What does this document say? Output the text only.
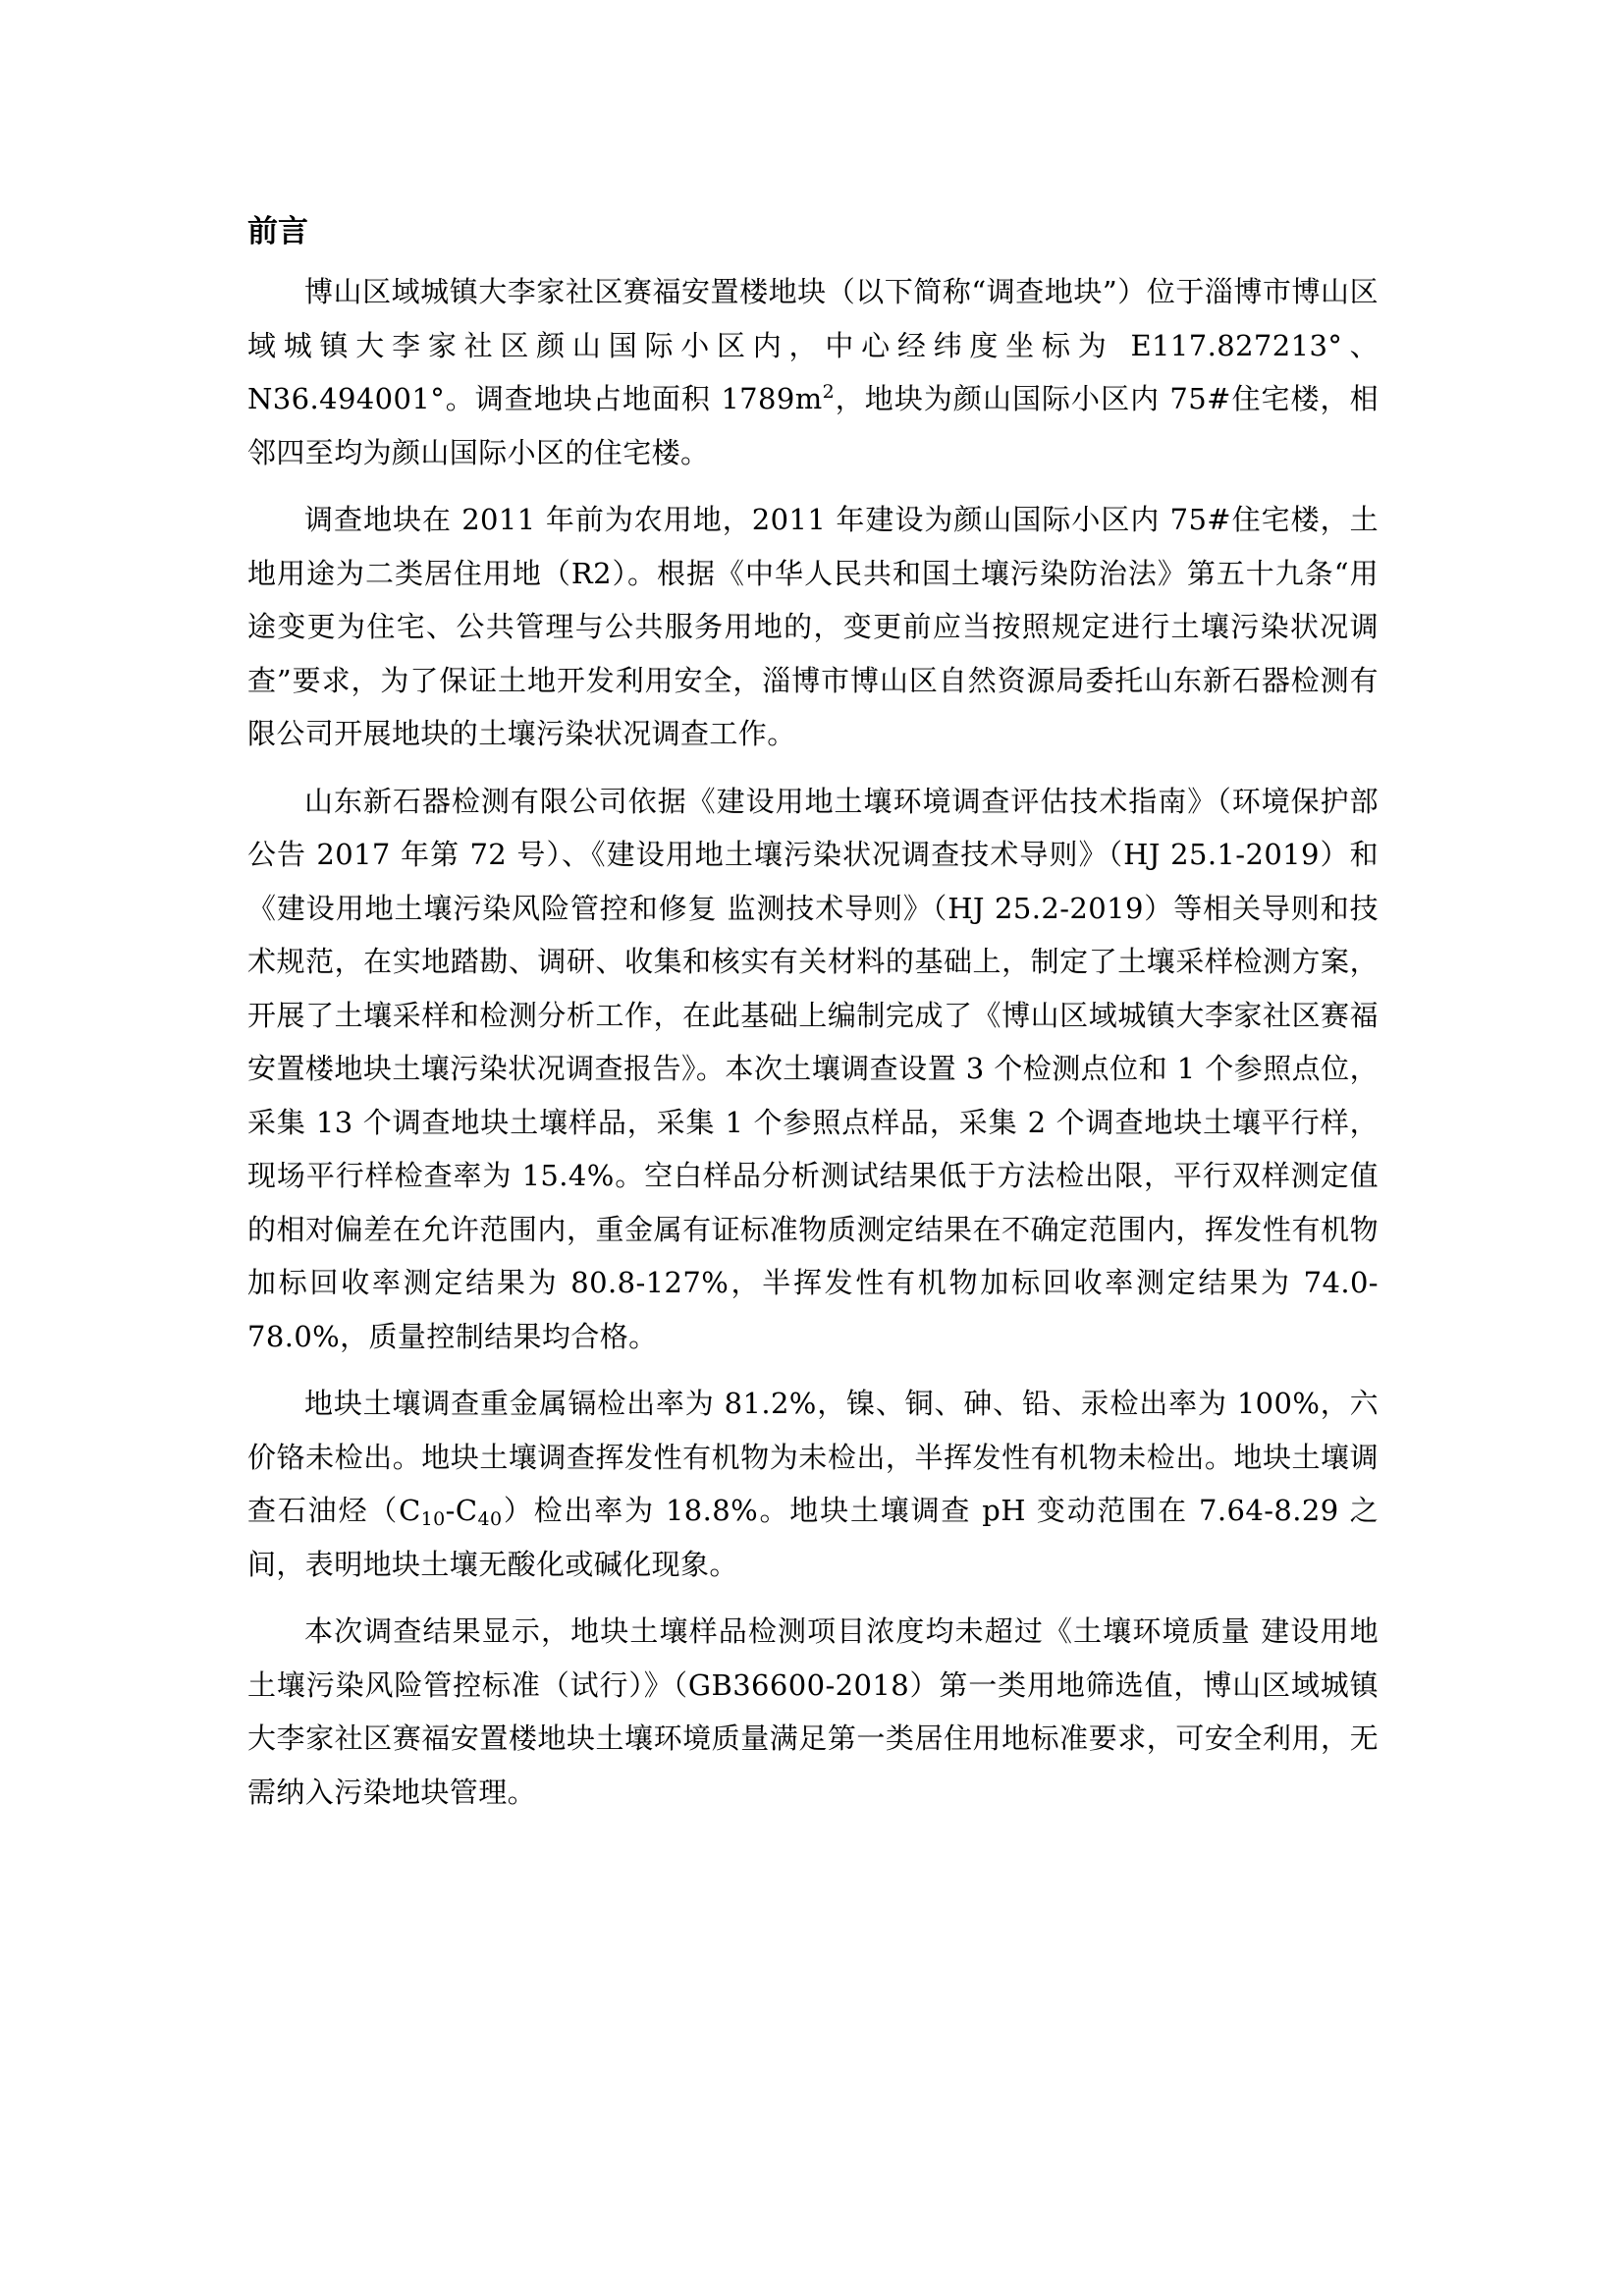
前言

博山区域城镇大李家社区赛福安置楼地块（以下简称“调查地块”）位于淄博市博山区域城镇大李家社区颜山国际小区内，中心经纬度坐标为 E117.827213°、N36.494001°。调查地块占地面积 $1789m^2$，地块为颜山国际小区内 75#住宅楼，相邻四至均为颜山国际小区的住宅楼。

调查地块在 2011 年前为农用地，2011 年建设为颜山国际小区内 75#住宅楼，土地用途为二类居住用地（R2）。根据《中华人民共和国土壤污染防治法》第五十九条“用途变更为住宅、公共管理与公共服务用地的，变更前应当按照规定进行土壤污染状况调查”要求，为了保证土地开发利用安全，淄博市博山区自然资源局委托山东新石器检测有限公司开展地块的土壤污染状况调查工作。

山东新石器检测有限公司依据《建设用地土壤环境调查评估技术指南》（环境保护部公告 2017 年第 72 号）、《建设用地土壤污染状况调查技术导则》（HJ 25.1-2019）和《建设用地土壤污染风险管控和修复 监测技术导则》（HJ 25.2-2019）等相关导则和技术规范，在实地踏勘、调研、收集和核实有关材料的基础上，制定了土壤采样检测方案，开展了土壤采样和检测分析工作，在此基础上编制完成了《博山区域城镇大李家社区赛福安置楼地块土壤污染状况调查报告》。本次土壤调查设置 3 个检测点位和 1 个参照点位，采集 13 个调查地块土壤样品，采集 1 个参照点样品，采集 2 个调查地块土壤平行样，现场平行样检查率为 15.4%。空白样品分析测试结果低于方法检出限，平行双样测定值的相对偏差在允许范围内，重金属有证标准物质测定结果在不确定范围内，挥发性有机物加标回收率测定结果为 80.8-127%，半挥发性有机物加标回收率测定结果为 74.0-78.0%，质量控制结果均合格。

地块土壤调查重金属镉检出率为 81.2%，镍、铜、砷、铅、汞检出率为 100%，六价铬未检出。地块土壤调查挥发性有机物为未检出，半挥发性有机物未检出。地块土壤调查石油烃$(C_{10}-C_{40})$检出率为 18.8%。地块土壤调查 pH 变动范围在 7.64-8.29 之间，表明地块土壤无酸化或碱化现象。

本次调查结果显示，地块土壤样品检测项目浓度均未超过《土壤环境质量 建设用地土壤污染风险管控标准（试行）》（GB36600-2018）第一类用地筛选值，博山区域城镇大李家社区赛福安置楼地块土壤环境质量满足第一类居住用地标准要求，可安全利用，无需纳入污染地块管理。
